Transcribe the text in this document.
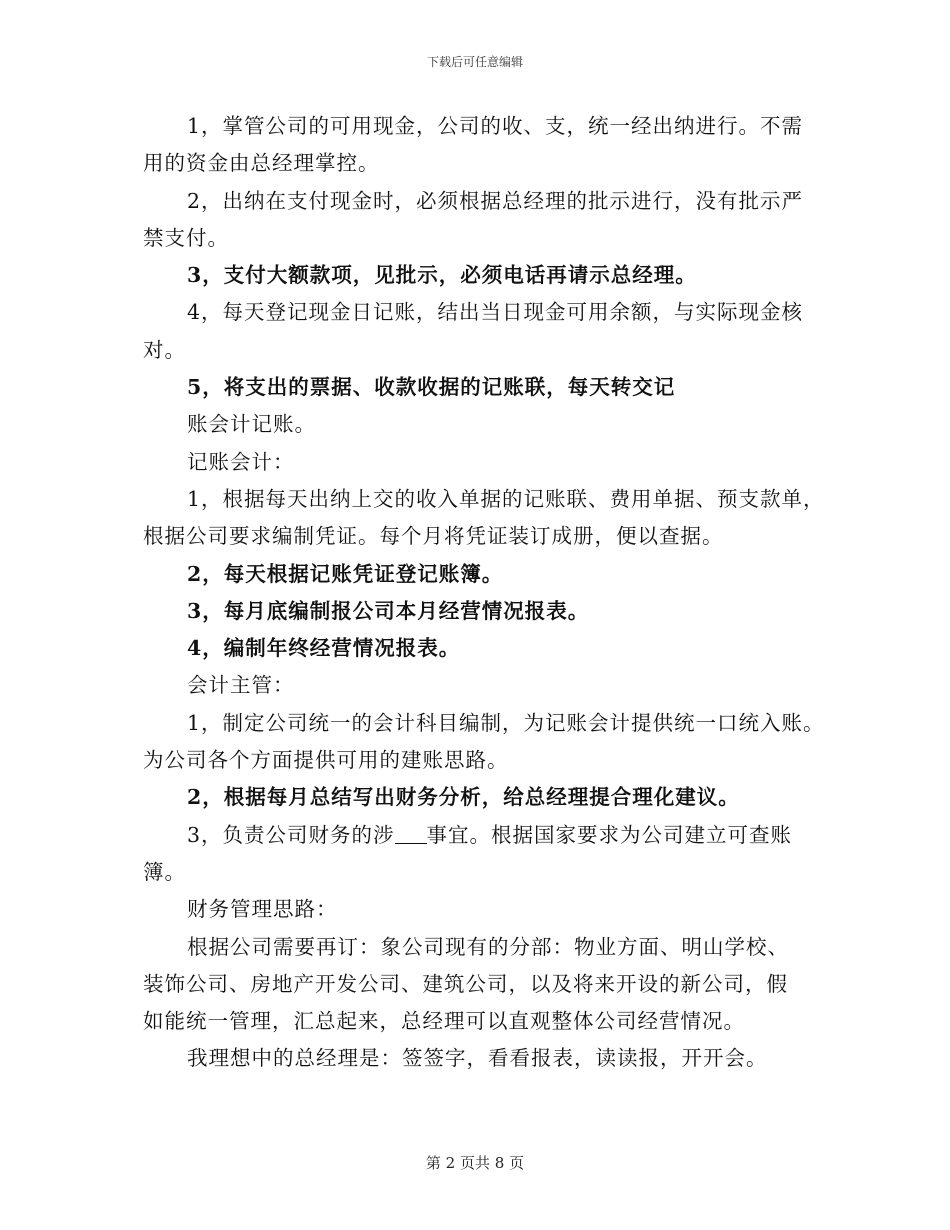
下载后可任意编辑
1，掌管公司的可用现金，公司的收、支，统一经出纳进行。不需
用的资金由总经理掌控。
2，出纳在支付现金时，必须根据总经理的批示进行，没有批示严
禁支付。
3，支付大额款项，见批示，必须电话再请示总经理。
4，每天登记现金日记账，结出当日现金可用余额，与实际现金核
对。
5，将支出的票据、收款收据的记账联，每天转交记
账会计记账。
记账会计：
1，根据每天出纳上交的收入单据的记账联、费用单据、预支款单，
根据公司要求编制凭证。每个月将凭证装订成册，便以查据。
2，每天根据记账凭证登记账簿。
3，每月底编制报公司本月经营情况报表。
4，编制年终经营情况报表。
会计主管：
1，制定公司统一的会计科目编制，为记账会计提供统一口统入账。
为公司各个方面提供可用的建账思路。
2，根据每月总结写出财务分析，给总经理提合理化建议。
3，负责公司财务的涉 事宜。根据国家要求为公司建立可查账
簿。
财务管理思路：
根据公司需要再订：象公司现有的分部：物业方面、明山学校、
装饰公司、房地产开发公司、建筑公司，以及将来开设的新公司，假
如能统一管理，汇总起来，总经理可以直观整体公司经营情况。
我理想中的总经理是：签签字，看看报表，读读报，开开会。
第 2 页共 8 页
